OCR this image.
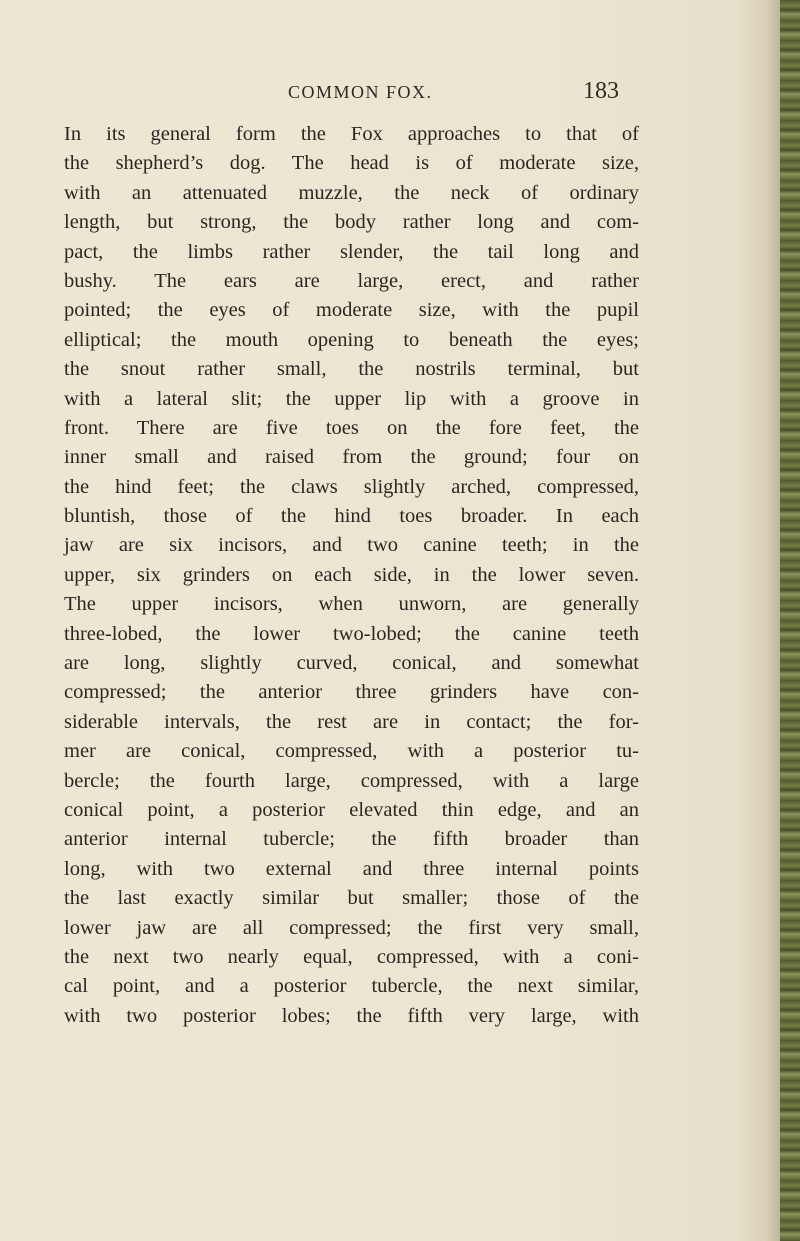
COMMON FOX.	183
In its general form the Fox approaches to that of
the shepherd’s dog. The head is of moderate size,
with an attenuated muzzle, the neck of ordinary
length, but strong, the body rather long and com-
pact, the limbs rather slender, the tail long and
bushy. The ears are large, erect, and rather
pointed; the eyes of moderate size, with the pupil
elliptical; the mouth opening to beneath the eyes;
the snout rather small, the nostrils terminal, but
with a lateral slit; the upper lip with a groove in
front. There are five toes on the fore feet, the
inner small and raised from the ground; four on
the hind feet; the claws slightly arched, compressed,
bluntish, those of the hind toes broader. In each
jaw are six incisors, and two canine teeth; in the
upper, six grinders on each side, in the lower seven.
The upper incisors, when unworn, are generally
three-lobed, the lower two-lobed; the canine teeth
are long, slightly curved, conical, and somewhat
compressed; the anterior three grinders have con-
siderable intervals, the rest are in contact; the for-
mer are conical, compressed, with a posterior tu-
bercle; the fourth large, compressed, with a large
conical point, a posterior elevated thin edge, and an
anterior internal tubercle; the fifth broader than
long, with two external and three internal points
the last exactly similar but smaller; those of the
lower jaw are all compressed; the first very small,
the next two nearly equal, compressed, with a coni-
cal point, and a posterior tubercle, the next similar,
with two posterior lobes; the fifth very large, with
